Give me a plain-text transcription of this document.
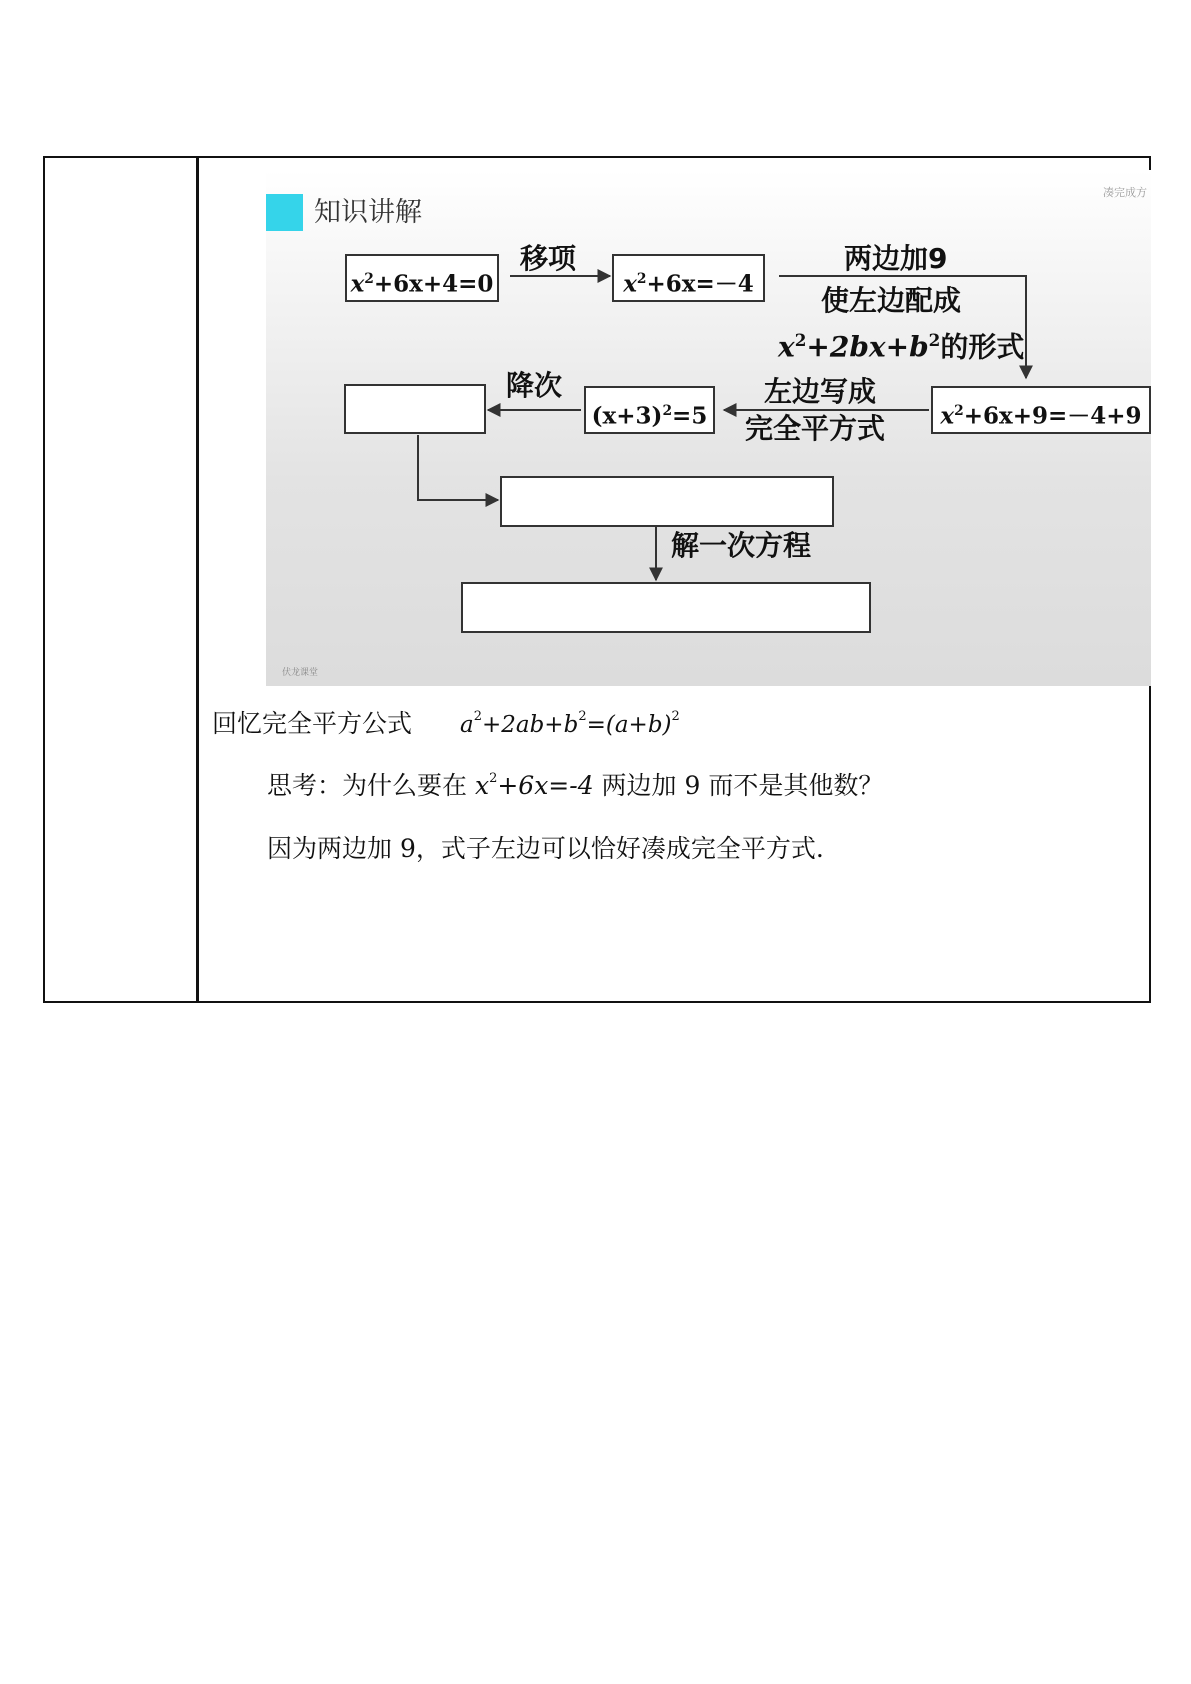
凑完成方
知识讲解
$x^2+6x+4=0$	$x^2+6x=-4$
$x^2+6x+9=-4+9$
$(x+3)^2=5$
移项	两边加9
使左边配成
$x^2+2bx+b^2$的形式
左边写成
完全平方式
降次
解一次方程
伏龙课堂
回忆完全平方公式 $a^2+2ab+b^2=(a+b)^2$
思考：为什么要在 $x^2+6x=-4$ 两边加 9 而不是其他数？
因为两边加 9，式子左边可以恰好凑成完全平方式.
